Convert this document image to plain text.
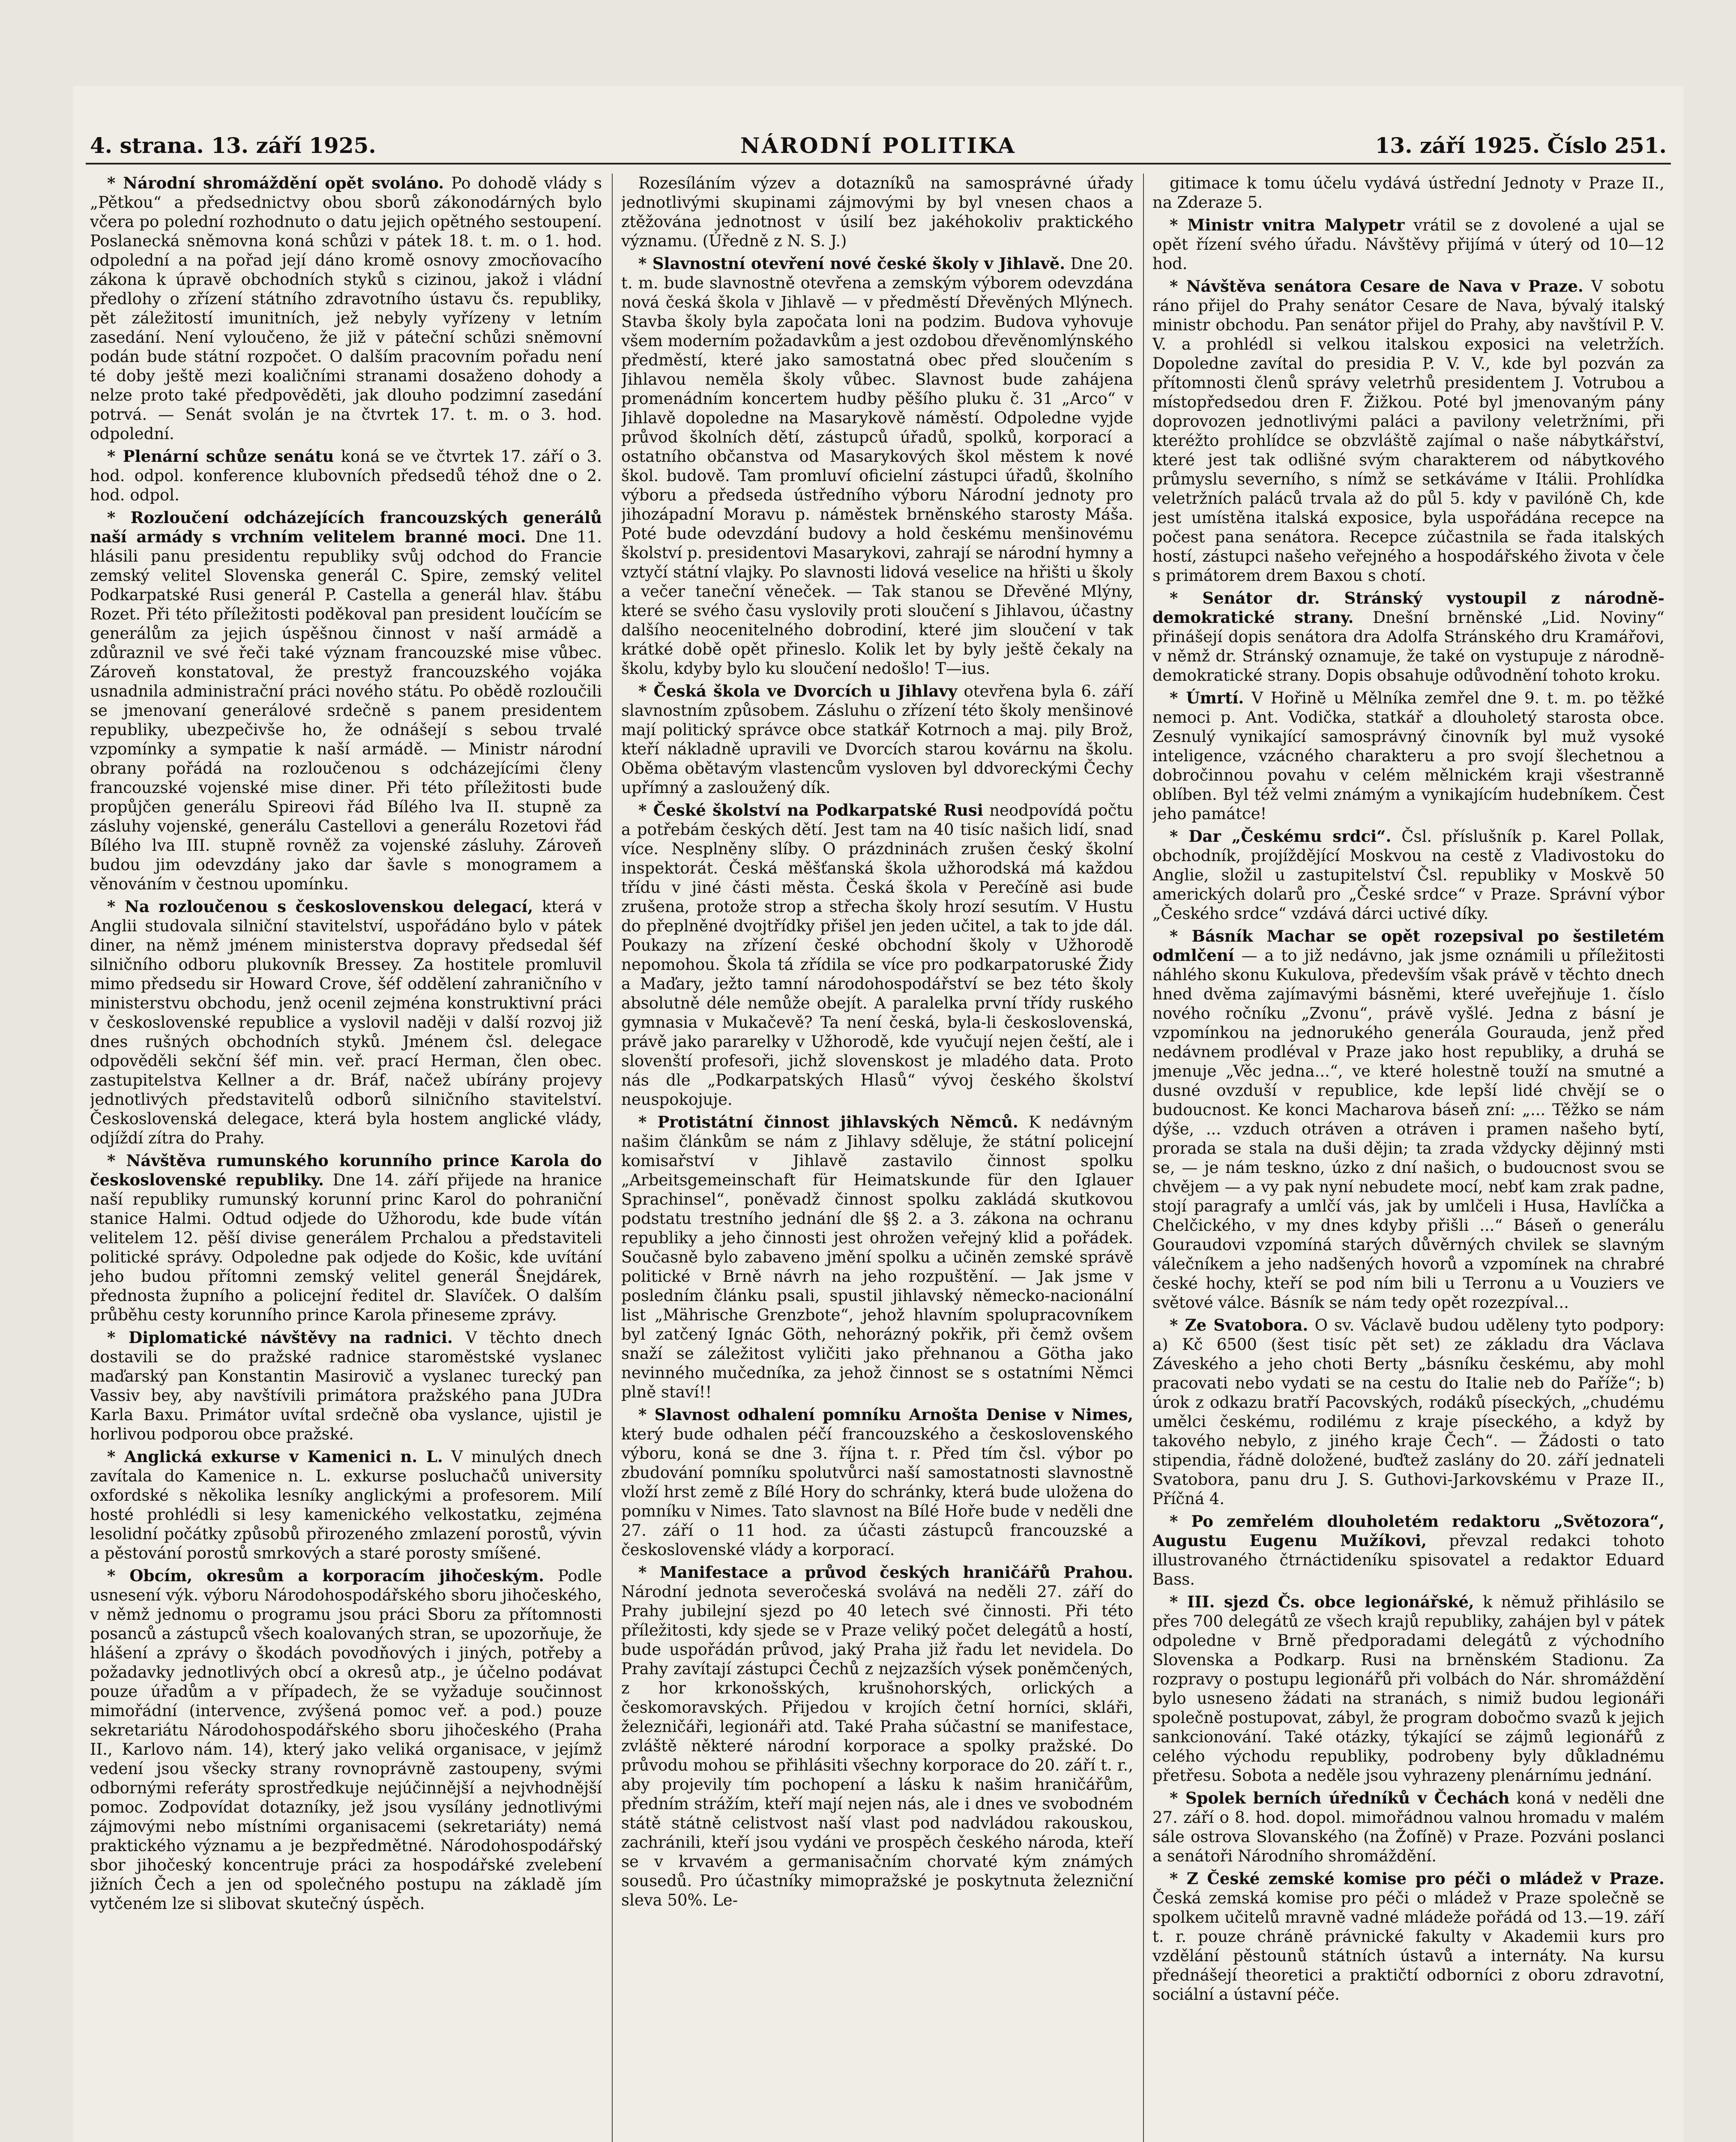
4. strana. 13. září 1925.	NÁRODNÍ POLITIKA	13. září 1925. Číslo 251.

* Národní shromáždění opět svoláno. Po dohodě vlády s „Pětkou“ a předsednictvy obou sborů zákonodárných bylo včera po polední rozhodnuto o datu jejich opětného sestoupení. Poslanecká sněmovna koná schůzi v pátek 18. t. m. o 1. hod. odpolední a na pořad její dáno kromě osnovy zmocňovacího zákona k úpravě obchodních styků s cizinou, jakož i vládní předlohy o zřízení státního zdravotního ústavu čs. republiky, pět záležitostí imunitních, jež nebyly vyřízeny v letním zasedání. Není vyloučeno, že již v páteční schůzi sněmovní podán bude státní rozpočet. O dalším pracovním pořadu není té doby ještě mezi koaličními stranami dosaženo dohody a nelze proto také předpověděti, jak dlouho podzimní zasedání potrvá. — Senát svolán je na čtvrtek 17. t. m. o 3. hod. odpolední.

* Plenární schůze senátu koná se ve čtvrtek 17. září o 3. hod. odpol. konference klubovních předsedů téhož dne o 2. hod. odpol.

* Rozloučení odcházejících francouzských generálů naší armády s vrchním velitelem branné moci. Dne 11. hlásili panu presidentu republiky svůj odchod do Francie zemský velitel Slovenska generál C. Spire, zemský velitel Podkarpatské Rusi generál P. Castella a generál hlav. štábu Rozet. Při této příležitosti poděkoval pan president loučícím se generálům za jejich úspěšnou činnost v naší armádě a zdůraznil ve své řeči také význam francouzské mise vůbec. Zároveň konstatoval, že prestyž francouzského vojáka usnadnila administrační práci nového státu. Po obědě rozloučili se jmenovaní generálové srdečně s panem presidentem republiky, ubezpečivše ho, že odnášejí s sebou trvalé vzpomínky a sympatie k naší armádě. — Ministr národní obrany pořádá na rozloučenou s odcházejícími členy francouzské vojenské mise diner. Při této příležitosti bude propůjčen generálu Spireovi řád Bílého lva II. stupně za zásluhy vojenské, generálu Castellovi a generálu Rozetovi řád Bílého lva III. stupně rovněž za vojenské zásluhy. Zároveň budou jim odevzdány jako dar šavle s monogramem a věnováním v čestnou upomínku.

* Na rozloučenou s československou delegací, která v Anglii studovala silniční stavitelství, uspořádáno bylo v pátek diner, na němž jménem ministerstva dopravy předsedal šéf silničního odboru plukovník Bressey. Za hostitele promluvil mimo předsedu sir Howard Crove, šéf oddělení zahraničního v ministerstvu obchodu, jenž ocenil zejména konstruktivní práci v československé republice a vyslovil naději v další rozvoj již dnes rušných obchodních styků. Jménem čsl. delegace odpověděli sekční šéf min. veř. prací Herman, člen obec. zastupitelstva Kellner a dr. Bráf, načež ubírány projevy jednotlivých představitelů odborů silničního stavitelství. Československá delegace, která byla hostem anglické vlády, odjíždí zítra do Prahy.

* Návštěva rumunského korunního prince Karola do československé republiky. Dne 14. září přijede na hranice naší republiky rumunský korunní princ Karol do pohraniční stanice Halmi. Odtud odjede do Užhorodu, kde bude vítán velitelem 12. pěší divise generálem Prchalou a představiteli politické správy. Odpoledne pak odjede do Košic, kde uvítání jeho budou přítomni zemský velitel generál Šnejdárek, přednosta župního a policejní ředitel dr. Slavíček. O dalším průběhu cesty korunního prince Karola přineseme zprávy.

* Diplomatické návštěvy na radnici. V těchto dnech dostavili se do pražské radnice staroměstské vyslanec maďarský pan Konstantin Masirovič a vyslanec turecký pan Vassiv bey, aby navštívili primátora pražského pana JUDra Karla Baxu. Primátor uvítal srdečně oba vyslance, ujistil je horlivou podporou obce pražské.

* Anglická exkurse v Kamenici n. L. V minulých dnech zavítala do Kamenice n. L. exkurse posluchačů university oxfordské s několika lesníky anglickými a profesorem. Milí hosté prohlédli si lesy kamenického velkostatku, zejména lesolidní počátky způsobů přirozeného zmlazení porostů, vývin a pěstování porostů smrkových a staré porosty smíšené.

* Obcím, okresům a korporacím jihočeským. Podle usnesení výk. výboru Národohospodářského sboru jihočeského, v němž jednomu o programu jsou práci Sboru za přítomnosti posanců a zástupců všech koalovaných stran, se upozorňuje, že hlášení a zprávy o škodách povodňových i jiných, potřeby a požadavky jednotlivých obcí a okresů atp., je účelno podávat pouze úřadům a v případech, že se vyžaduje součinnost mimořádní (intervence, zvýšená pomoc veř. a pod.) pouze sekretariátu Národohospodářského sboru jihočeského (Praha II., Karlovo nám. 14), který jako veliká organisace, v jejímž vedení jsou všecky strany rovnoprávně zastoupeny, svými odbornými referáty sprostředkuje nejúčinnější a nejvhodnější pomoc. Zodpovídat dotazníky, jež jsou vysílány jednotlivými zájmovými nebo místními organisacemi (sekretariáty) nemá praktického významu a je bezpředmětné. Národohospodářský sbor jihočeský koncentruje práci za hospodářské zvelebení jižních Čech a jen od společného postupu na základě jím vytčeném lze si slibovat skutečný úspěch.

Rozesíláním výzev a dotazníků na samosprávné úřady jednotlivými skupinami zájmovými by byl vnesen chaos a ztěžována jednotnost v úsilí bez jakéhokoliv praktického významu. (Úředně z N. S. J.)

* Slavnostní otevření nové české školy v Jihlavě. Dne 20. t. m. bude slavnostně otevřena a zemským výborem odevzdána nová česká škola v Jihlavě — v předměstí Dřevěných Mlýnech. Stavba školy byla započata loni na podzim. Budova vyhovuje všem moderním požadavkům a jest ozdobou dřevěnomlýnského předměstí, které jako samostatná obec před sloučením s Jihlavou neměla školy vůbec. Slavnost bude zahájena promenádním koncertem hudby pěšího pluku č. 31 „Arco“ v Jihlavě dopoledne na Masarykově náměstí. Odpoledne vyjde průvod školních dětí, zástupců úřadů, spolků, korporací a ostatního občanstva od Masarykových škol městem k nové škol. budově. Tam promluví oficielní zástupci úřadů, školního výboru a předseda ústředního výboru Národní jednoty pro jihozápadní Moravu p. náměstek brněnského starosty Máša. Poté bude odevzdání budovy a hold českému menšinovému školství p. presidentovi Masarykovi, zahrají se národní hymny a vztyčí státní vlajky. Po slavnosti lidová veselice na hřišti u školy a večer taneční věneček. — Tak stanou se Dřevěné Mlýny, které se svého času vyslovily proti sloučení s Jihlavou, účastny dalšího neocenitelného dobrodiní, které jim sloučení v tak krátké době opět přineslo. Kolik let by byly ještě čekaly na školu, kdyby bylo ku sloučení nedošlo! T—ius.

* Česká škola ve Dvorcích u Jihlavy otevřena byla 6. září slavnostním způsobem. Zásluhu o zřízení této školy menšinové mají politický správce obce statkář Kotrnoch a maj. pily Brož, kteří nákladně upravili ve Dvorcích starou kovárnu na školu. Oběma obětavým vlastencům vysloven byl ddvoreckými Čechy upřímný a zasloužený dík.

* České školství na Podkarpatské Rusi neodpovídá počtu a potřebám českých dětí. Jest tam na 40 tisíc našich lidí, snad více. Nesplněny slíby. O prázdninách zrušen český školní inspektorát. Česká měšťanská škola užhorodská má každou třídu v jiné části města. Česká škola v Perečíně asi bude zrušena, protože strop a střecha školy hrozí sesutím. V Hustu do přeplněné dvojtřídky přišel jen jeden učitel, a tak to jde dál. Poukazy na zřízení české obchodní školy v Užhorodě nepomohou. Škola tá zřídila se více pro podkarpatoruské Židy a Maďary, ježto tamní národohospodářství se bez této školy absolutně déle nemůže obejít. A paralelka první třídy ruského gymnasia v Mukačevě? Ta není česká, byla-li československá, právě jako pararelky v Užhorodě, kde vyučují nejen čeští, ale i slovenští profesoři, jichž slovenskost je mladého data. Proto nás dle „Podkarpatských Hlasů“ vývoj českého školství neuspokojuje.

* Protistátní činnost jihlavských Němců. K nedávným našim článkům se nám z Jihlavy sděluje, že státní policejní komisařství v Jihlavě zastavilo činnost spolku „Arbeitsgemeinschaft für Heimatskunde für den Iglauer Sprachinsel“, poněvadž činnost spolku zakládá skutkovou podstatu trestního jednání dle §§ 2. a 3. zákona na ochranu republiky a jeho činnosti jest ohrožen veřejný klid a pořádek. Současně bylo zabaveno jmění spolku a učiněn zemské správě politické v Brně návrh na jeho rozpuštění. — Jak jsme v posledním článku psali, spustil jihlavský německo-nacionální list „Mährische Grenzbote“, jehož hlavním spolupracovníkem byl zatčený Ignác Göth, nehorázný pokřik, při čemž ovšem snaží se záležitost vyličiti jako přehnanou a Götha jako nevinného mučedníka, za jehož činnost se s ostatními Němci plně staví!!

* Slavnost odhalení pomníku Arnošta Denise v Nimes, který bude odhalen péčí francouzského a československého výboru, koná se dne 3. října t. r. Před tím čsl. výbor po zbudování pomníku spolutvůrci naší samostatnosti slavnostně vloží hrst země z Bílé Hory do schránky, která bude uložena do pomníku v Nimes. Tato slavnost na Bílé Hoře bude v neděli dne 27. září o 11 hod. za účasti zástupců francouzské a československé vlády a korporací.

* Manifestace a průvod českých hraničářů Prahou. Národní jednota severočeská svolává na neděli 27. září do Prahy jubilejní sjezd po 40 letech své činnosti. Při této příležitosti, kdy sjede se v Praze veliký počet delegátů a hostí, bude uspořádán průvod, jaký Praha již řadu let nevidela. Do Prahy zavítají zástupci Čechů z nejzazších výsek poněmčených, z hor krkonošských, krušnohorských, orlických a českomoravských. Přijedou v krojích četní horníci, skláři, železničáři, legionáři atd. Také Praha súčastní se manifestace, zvláště některé národní korporace a spolky pražské. Do průvodu mohou se přihlásiti všechny korporace do 20. září t. r., aby projevily tím pochopení a lásku k našim hraničářům, předním strážím, kteří mají nejen nás, ale i dnes ve svobodném státě státně celistvost naší vlast pod nadvládou rakouskou, zachránili, kteří jsou vydáni ve prospěch českého národa, kteří se v krvavém a germanisačním chorvaté kým známých sousedů. Pro účastníky mimopražské je poskytnuta železniční sleva 50%. Le-

gitimace k tomu účelu vydává ústřední Jednoty v Praze II., na Zderaze 5.

* Ministr vnitra Malypetr vrátil se z dovolené a ujal se opět řízení svého úřadu. Návštěvy přijímá v úterý od 10—12 hod.

* Návštěva senátora Cesare de Nava v Praze. V sobotu ráno přijel do Prahy senátor Cesare de Nava, bývalý italský ministr obchodu. Pan senátor přijel do Prahy, aby navštívil P. V. V. a prohlédl si velkou italskou exposici na veletržích. Dopoledne zavítal do presidia P. V. V., kde byl pozván za přítomnosti členů správy veletrhů presidentem J. Votrubou a místopředsedou dren F. Žižkou. Poté byl jmenovaným pány doprovozen jednotlivými paláci a pavilony veletržními, při kteréžto prohlídce se obzvláště zajímal o naše nábytkářství, které jest tak odlišné svým charakterem od nábytkového průmyslu severního, s nímž se setkáváme v Itálii. Prohlídka veletržních paláců trvala až do půl 5. kdy v pavilóně Ch, kde jest umístěna italská exposice, byla uspořádána recepce na počest pana senátora. Recepce zúčastnila se řada italských hostí, zástupci našeho veřejného a hospodářského života v čele s primátorem drem Baxou s chotí.

* Senátor dr. Stránský vystoupil z národně-demokratické strany. Dnešní brněnské „Lid. Noviny“ přinášejí dopis senátora dra Adolfa Stránského dru Kramářovi, v němž dr. Stránský oznamuje, že také on vystupuje z národně-demokratické strany. Dopis obsahuje odůvodnění tohoto kroku.

* Úmrtí. V Hořině u Mělníka zemřel dne 9. t. m. po těžké nemoci p. Ant. Vodička, statkář a dlouholetý starosta obce. Zesnulý vynikající samosprávný činovník byl muž vysoké inteligence, vzácného charakteru a pro svojí šlechetnou a dobročinnou povahu v celém mělnickém kraji všestranně oblíben. Byl též velmi známým a vynikajícím hudebníkem. Čest jeho památce!

* Dar „Českému srdci“. Čsl. příslušník p. Karel Pollak, obchodník, projíždějící Moskvou na cestě z Vladivostoku do Anglie, složil u zastupitelství Čsl. republiky v Moskvě 50 amerických dolarů pro „České srdce“ v Praze. Správní výbor „Českého srdce“ vzdává dárci uctivé díky.

* Básník Machar se opět rozepsival po šestiletém odmlčení — a to již nedávno, jak jsme oznámili u příležitosti náhlého skonu Kukulova, především však právě v těchto dnech hned dvěma zajímavými básněmi, které uveřejňuje 1. číslo nového ročníku „Zvonu“, právě vyšlé. Jedna z básní je vzpomínkou na jednorukého generála Gourauda, jenž před nedávnem prodléval v Praze jako host republiky, a druhá se jmenuje „Věc jedna...“, ve které holestně touží na smutné a dusné ovzduší v republice, kde lepší lidé chvějí se o budoucnost. Ke konci Macharova báseň zní: „... Těžko se nám dýše, ... vzduch otráven a otráven i pramen našeho bytí, prorada se stala na duši dějin; ta zrada vždycky dějinný msti se, — je nám teskno, úzko z dní našich, o budoucnost svou se chvějem — a vy pak nyní nebudete mocí, nebť kam zrak padne, stojí paragrafy a umlčí vás, jak by umlčeli i Husa, Havlíčka a Chelčického, v my dnes kdyby přišli ...“ Báseň o generálu Gouraudovi vzpomíná starých důvěrných chvilek se slavným válečníkem a jeho nadšených hovorů a vzpomínek na chrabré české hochy, kteří se pod ním bili u Terronu a u Vouziers ve světové válce. Básník se nám tedy opět rozezpíval...

* Ze Svatobora. O sv. Václavě budou uděleny tyto podpory: a) Kč 6500 (šest tisíc pět set) ze základu dra Václava Záveského a jeho choti Berty „básníku českému, aby mohl pracovati nebo vydati se na cestu do Italie neb do Paříže“; b) úrok z odkazu bratří Pacovských, rodáků píseckých, „chudému umělci českému, rodilému z kraje píseckého, a když by takového nebylo, z jiného kraje Čech“. — Žádosti o tato stipendia, řádně doložené, buďtež zaslány do 20. září jednateli Svatobora, panu dru J. S. Guthovi-Jarkovskému v Praze II., Příčná 4.

* Po zemřelém dlouholetém redaktoru „Světozora“, Augustu Eugenu Mužíkovi, převzal redakci tohoto illustrovaného čtrnáctideníku spisovatel a redaktor Eduard Bass.

* III. sjezd Čs. obce legionářské, k němuž přihlásilo se přes 700 delegátů ze všech krajů republiky, zahájen byl v pátek odpoledne v Brně předporadami delegátů z východního Slovenska a Podkarp. Rusi na brněnském Stadionu. Za rozpravy o postupu legionářů při volbách do Nár. shromáždění bylo usneseno žádati na stranách, s nimiž budou legionáři společně postupovat, zábyl, že program dobočmo svazů k jejich sankcionování. Také otázky, týkající se zájmů legionářů z celého východu republiky, podrobeny byly důkladnému přetřesu. Sobota a neděle jsou vyhrazeny plenárnímu jednání.

* Spolek berních úředníků v Čechách koná v neděli dne 27. září o 8. hod. dopol. mimořádnou valnou hromadu v malém sále ostrova Slovanského (na Žofíně) v Praze. Pozváni poslanci a senátoři Národního shromáždění.

* Z České zemské komise pro péči o mládež v Praze. Česká zemská komise pro péči o mládež v Praze společně se spolkem učitelů mravně vadné mládeže pořádá od 13.—19. září t. r. pouze chráně právnické fakulty v Akademii kurs pro vzdělání pěstounů státních ústavů a internáty. Na kursu přednášejí theoretici a praktičtí odborníci z oboru zdravotní, sociální a ústavní péče.
